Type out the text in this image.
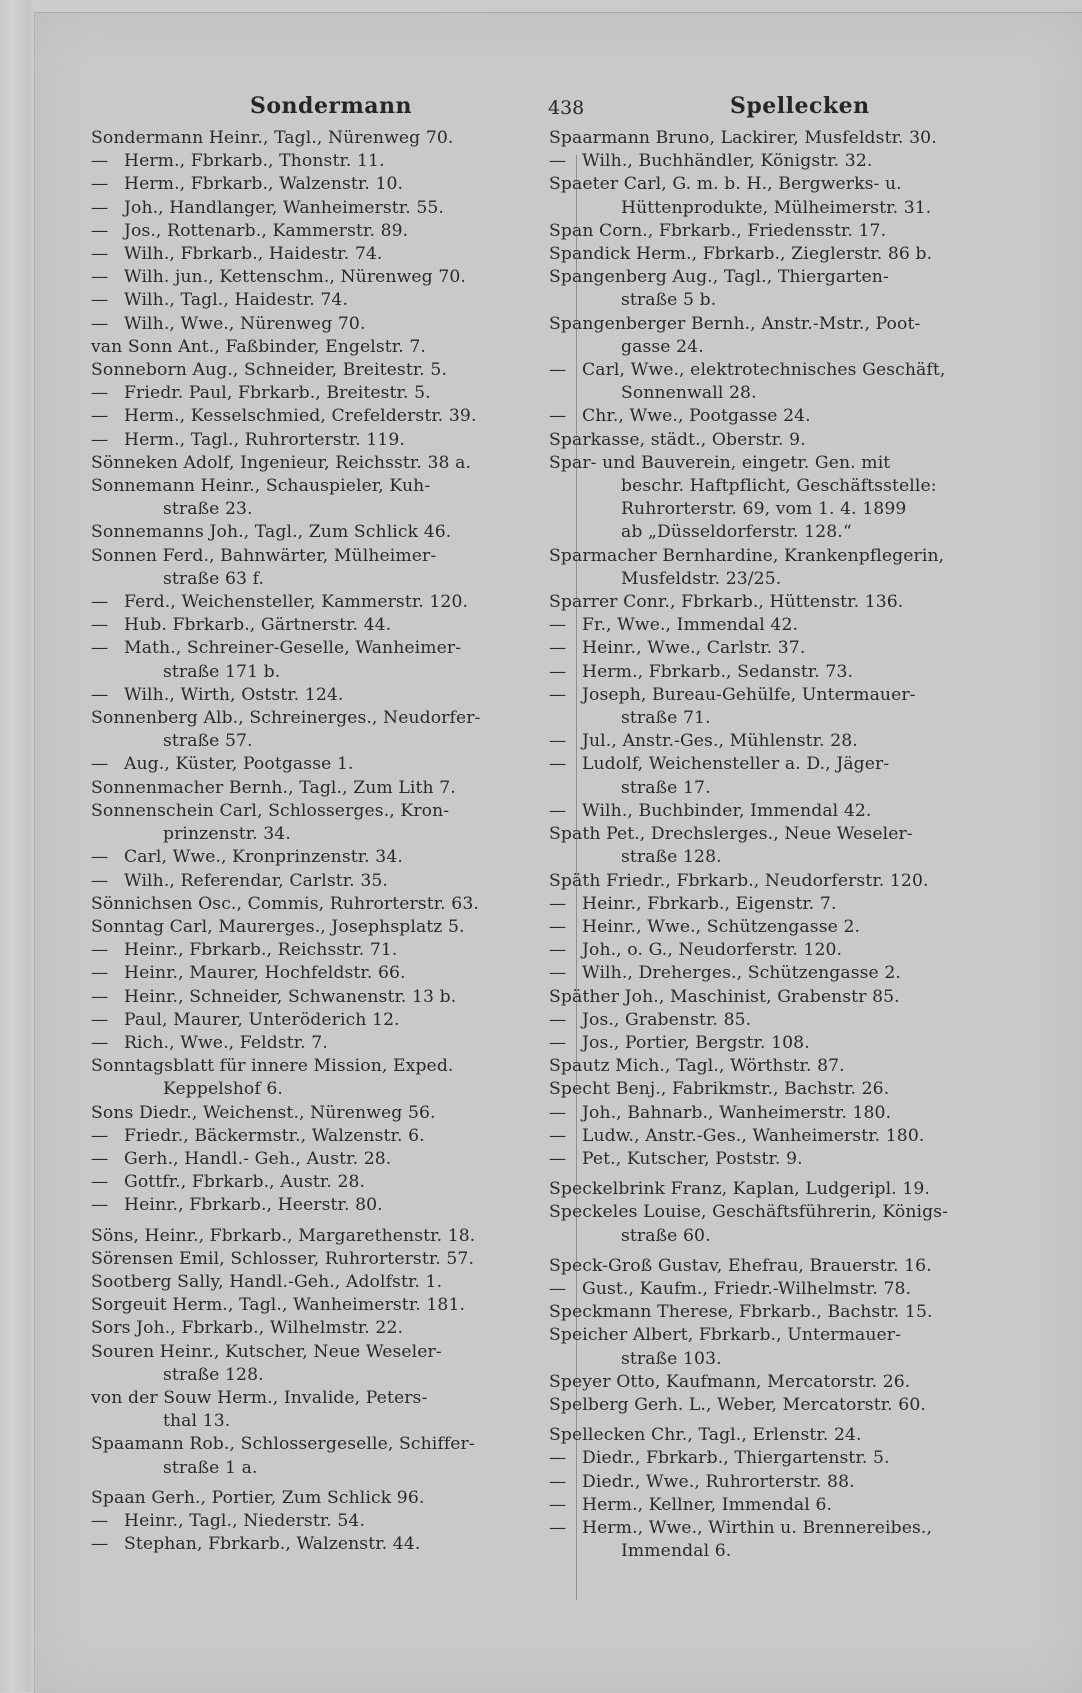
Sondermann	438	Spellecken
Sondermann Heinr., Tagl., Nürenweg 70.
— Herm., Fbrkarb., Thonstr. 11.
— Herm., Fbrkarb., Walzenstr. 10.
— Joh., Handlanger, Wanheimerstr. 55.
— Jos., Rottenarb., Kammerstr. 89.
— Wilh., Fbrkarb., Haidestr. 74.
— Wilh. jun., Kettenschm., Nürenweg 70.
— Wilh., Tagl., Haidestr. 74.
— Wilh., Wwe., Nürenweg 70.
van Sonn Ant., Faßbinder, Engelstr. 7.
Sonneborn Aug., Schneider, Breitestr. 5.
— Friedr. Paul, Fbrkarb., Breitestr. 5.
— Herm., Kesselschmied, Crefelderstr. 39.
— Herm., Tagl., Ruhrorterstr. 119.
Sönneken Adolf, Ingenieur, Reichsstr. 38 a.
Sonnemann Heinr., Schauspieler, Kuh-
straße 23.
Sonnemanns Joh., Tagl., Zum Schlick 46.
Sonnen Ferd., Bahnwärter, Mülheimer-
straße 63 f.
— Ferd., Weichensteller, Kammerstr. 120.
— Hub. Fbrkarb., Gärtnerstr. 44.
— Math., Schreiner-Geselle, Wanheimer-
straße 171 b.
— Wilh., Wirth, Oststr. 124.
Sonnenberg Alb., Schreinerges., Neudorfer-
straße 57.
— Aug., Küster, Pootgasse 1.
Sonnenmacher Bernh., Tagl., Zum Lith 7.
Sonnenschein Carl, Schlosserges., Kron-
prinzenstr. 34.
— Carl, Wwe., Kronprinzenstr. 34.
— Wilh., Referendar, Carlstr. 35.
Sönnichsen Osc., Commis, Ruhrorterstr. 63.
Sonntag Carl, Maurerges., Josephsplatz 5.
— Heinr., Fbrkarb., Reichsstr. 71.
— Heinr., Maurer, Hochfeldstr. 66.
— Heinr., Schneider, Schwanenstr. 13 b.
— Paul, Maurer, Unteröderich 12.
— Rich., Wwe., Feldstr. 7.
Sonntagsblatt für innere Mission, Exped.
Keppelshof 6.
Sons Diedr., Weichenst., Nürenweg 56.
— Friedr., Bäckermstr., Walzenstr. 6.
— Gerh., Handl.- Geh., Austr. 28.
— Gottfr., Fbrkarb., Austr. 28.
— Heinr., Fbrkarb., Heerstr. 80.
Söns, Heinr., Fbrkarb., Margarethenstr. 18.
Sörensen Emil, Schlosser, Ruhrorterstr. 57.
Sootberg Sally, Handl.-Geh., Adolfstr. 1.
Sorgeuit Herm., Tagl., Wanheimerstr. 181.
Sors Joh., Fbrkarb., Wilhelmstr. 22.
Souren Heinr., Kutscher, Neue Weseler-
straße 128.
von der Souw Herm., Invalide, Peters-
thal 13.
Spaamann Rob., Schlossergeselle, Schiffer-
straße 1 a.
Spaan Gerh., Portier, Zum Schlick 96.
— Heinr., Tagl., Niederstr. 54.
— Stephan, Fbrkarb., Walzenstr. 44.
Spaarmann Bruno, Lackirer, Musfeldstr. 30.
— Wilh., Buchhändler, Königstr. 32.
Spaeter Carl, G. m. b. H., Bergwerks- u.
Hüttenprodukte, Mülheimerstr. 31.
Span Corn., Fbrkarb., Friedensstr. 17.
Spandick Herm., Fbrkarb., Zieglerstr. 86 b.
Spangenberg Aug., Tagl., Thiergarten-
straße 5 b.
Spangenberger Bernh., Anstr.-Mstr., Poot-
gasse 24.
— Carl, Wwe., elektrotechnisches Geschäft,
Sonnenwall 28.
— Chr., Wwe., Pootgasse 24.
Sparkasse, städt., Oberstr. 9.
Spar- und Bauverein, eingetr. Gen. mit
beschr. Haftpflicht, Geschäftsstelle:
Ruhrorterstr. 69, vom 1. 4. 1899
ab „Düsseldorferstr. 128.“
Sparmacher Bernhardine, Krankenpflegerin,
Musfeldstr. 23/25.
Sparrer Conr., Fbrkarb., Hüttenstr. 136.
— Fr., Wwe., Immendal 42.
— Heinr., Wwe., Carlstr. 37.
— Herm., Fbrkarb., Sedanstr. 73.
— Joseph, Bureau-Gehülfe, Untermauer-
straße 71.
— Jul., Anstr.-Ges., Mühlenstr. 28.
— Ludolf, Weichensteller a. D., Jäger-
straße 17.
— Wilh., Buchbinder, Immendal 42.
Spath Pet., Drechslerges., Neue Weseler-
straße 128.
Späth Friedr., Fbrkarb., Neudorferstr. 120.
— Heinr., Fbrkarb., Eigenstr. 7.
— Heinr., Wwe., Schützengasse 2.
— Joh., o. G., Neudorferstr. 120.
— Wilh., Dreherges., Schützengasse 2.
Späther Joh., Maschinist, Grabenstr 85.
— Jos., Grabenstr. 85.
— Jos., Portier, Bergstr. 108.
Spautz Mich., Tagl., Wörthstr. 87.
Specht Benj., Fabrikmstr., Bachstr. 26.
— Joh., Bahnarb., Wanheimerstr. 180.
— Ludw., Anstr.-Ges., Wanheimerstr. 180.
— Pet., Kutscher, Poststr. 9.
Speckelbrink Franz, Kaplan, Ludgeripl. 19.
Speckeles Louise, Geschäftsführerin, Königs-
straße 60.
Speck-Groß Gustav, Ehefrau, Brauerstr. 16.
— Gust., Kaufm., Friedr.-Wilhelmstr. 78.
Speckmann Therese, Fbrkarb., Bachstr. 15.
Speicher Albert, Fbrkarb., Untermauer-
straße 103.
Speyer Otto, Kaufmann, Mercatorstr. 26.
Spelberg Gerh. L., Weber, Mercatorstr. 60.
Spellecken Chr., Tagl., Erlenstr. 24.
— Diedr., Fbrkarb., Thiergartenstr. 5.
— Diedr., Wwe., Ruhrorterstr. 88.
— Herm., Kellner, Immendal 6.
— Herm., Wwe., Wirthin u. Brennereibes.,
Immendal 6.
